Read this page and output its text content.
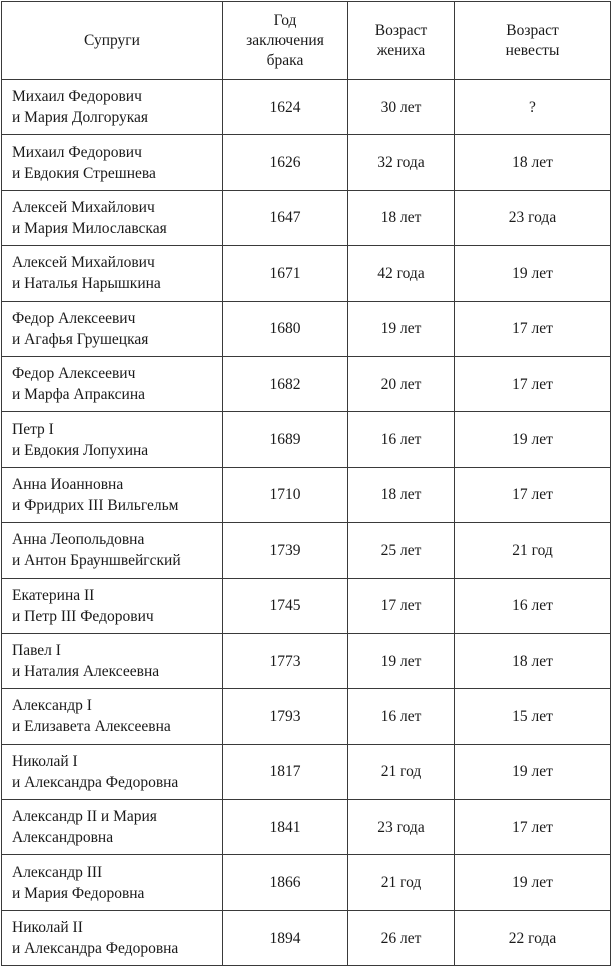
Супруги	Год
заключения
брака	Возраст
жениха	Возраст
невесты

Михаил Федорович
и Мария Долгорукая	1624	30 лет	?

Михаил Федорович
и Евдокия Стрешнева	1626	32 года	18 лет

Алексей Михайлович
и Мария Милославская	1647	18 лет	23 года

Алексей Михайлович
и Наталья Нарышкина	1671	42 года	19 лет

Федор Алексеевич
и Агафья Грушецкая	1680	19 лет	17 лет

Федор Алексеевич
и Марфа Апраксина	1682	20 лет	17 лет

Петр I
и Евдокия Лопухина	1689	16 лет	19 лет

Анна Иоанновна
и Фридрих III Вильгельм	1710	18 лет	17 лет

Анна Леопольдовна
и Антон Брауншвейгский	1739	25 лет	21 год

Екатерина II
и Петр III Федорович	1745	17 лет	16 лет

Павел I
и Наталия Алексеевна	1773	19 лет	18 лет

Александр I
и Елизавета Алексеевна	1793	16 лет	15 лет

Николай I
и Александра Федоровна	1817	21 год	19 лет

Александр II и Мария
Александровна	1841	23 года	17 лет

Александр III
и Мария Федоровна	1866	21 год	19 лет

Николай II
и Александра Федоровна	1894	26 лет	22 года
